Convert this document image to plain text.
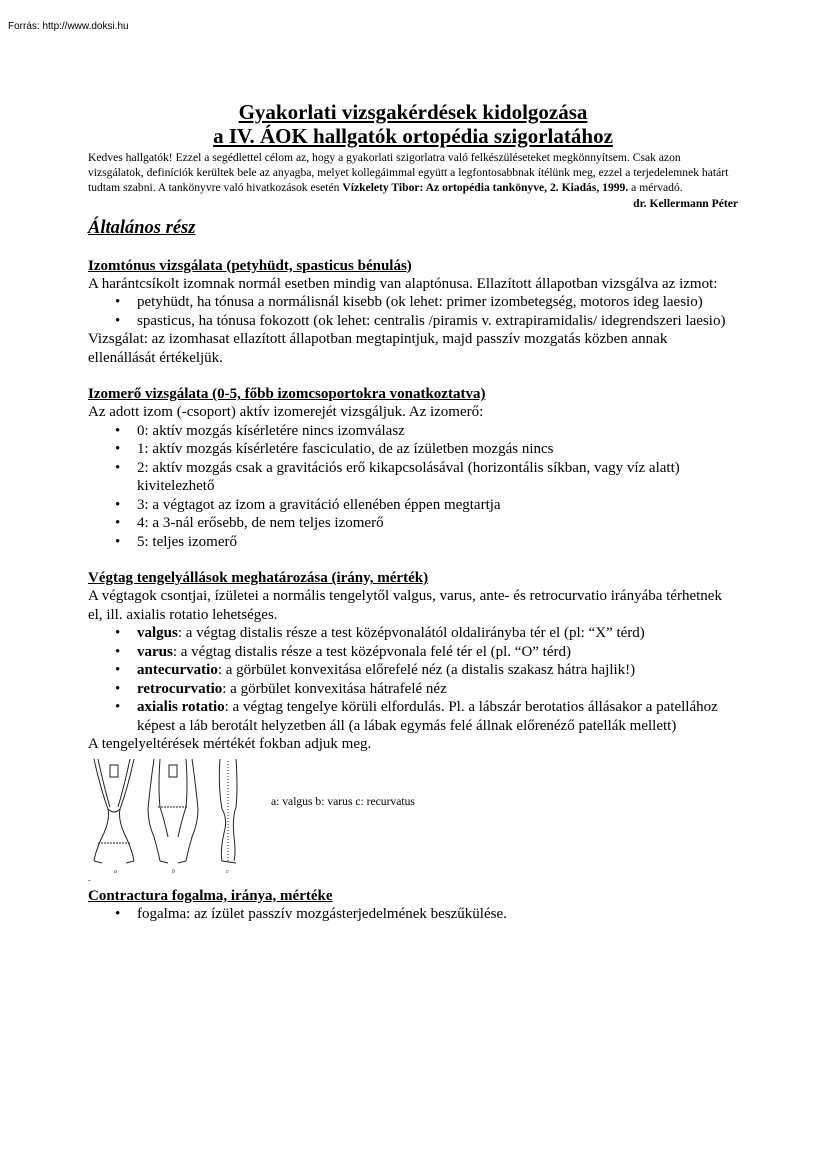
Forrás: http://www.doksi.hu

Gyakorlati vizsgakérdések kidolgozása

a IV. ÁOK hallgatók ortopédia szigorlatához

Kedves hallgatók! Ezzel a segédlettel célom az, hogy a gyakorlati szigorlatra való felkészüléseteket megkönnyítsem. Csak azon vizsgálatok, definíciók kerültek bele az anyagba, melyet kollegáimmal együtt a legfontosabbnak ítélünk meg, ezzel a terjedelemnek határt tudtam szabni. A tankönyvre való hivatkozások esetén Vízkelety Tibor: Az ortopédia tankönyve, 2. Kiadás, 1999. a mérvadó.

dr. Kellermann Péter

Általános rész

Izomtónus vizsgálata (petyhüdt, spasticus bénulás)

A harántcsíkolt izomnak normál esetben mindig van alaptónusa. Ellazított állapotban vizsgálva az izmot:

• petyhüdt, ha tónusa a normálisnál kisebb (ok lehet: primer izombetegség, motoros ideg laesio)
• spasticus, ha tónusa fokozott (ok lehet: centralis /piramis v. extrapiramidalis/ idegrendszeri laesio)

Vizsgálat: az izomhasat ellazított állapotban megtapintjuk, majd passzív mozgatás közben annak ellenállását értékeljük.

Izomerő vizsgálata (0-5, főbb izomcsoportokra vonatkoztatva)

Az adott izom (-csoport) aktív izomerejét vizsgáljuk. Az izomerő:

• 0: aktív mozgás kísérletére nincs izomválasz
• 1: aktív mozgás kísérletére fasciculatio, de az ízületben mozgás nincs
• 2: aktív mozgás csak a gravitációs erő kikapcsolásával (horizontális síkban, vagy víz alatt) kivitelezhető
• 3: a végtagot az izom a gravitáció ellenében éppen megtartja
• 4: a 3-nál erősebb, de nem teljes izomerő
• 5: teljes izomerő
Végtag tengelyállások meghatározása (irány, mérték)

A végtagok csontjai, ízületei a normális tengelytől valgus, varus, ante- és retrocurvatio irányába térhetnek el, ill. axialis rotatio lehetséges.

• valgus: a végtag distalis része a test középvonalától oldalirányba tér el (pl: “X” térd)
• varus: a végtag distalis része a test középvonala felé tér el (pl. “O” térd)
• antecurvatio: a görbület konvexitása előrefelé néz (a distalis szakasz hátra hajlik!)
• retrocurvatio: a görbület konvexitása hátrafelé néz
• axialis rotatio: a végtag tengelye körüli elfordulás. Pl. a lábszár berotatios állásakor a patellához képest a láb berotált helyzetben áll (a lábak egymás felé állnak előrenéző patellák mellett)

A tengelyeltérések mértékét fokban adjuk meg.

a	b	c
a: valgus b: varus c: recurvatus
-
Contractura fogalma, iránya, mértéke
• fogalma: az ízület passzív mozgásterjedelmének beszűkülése.
